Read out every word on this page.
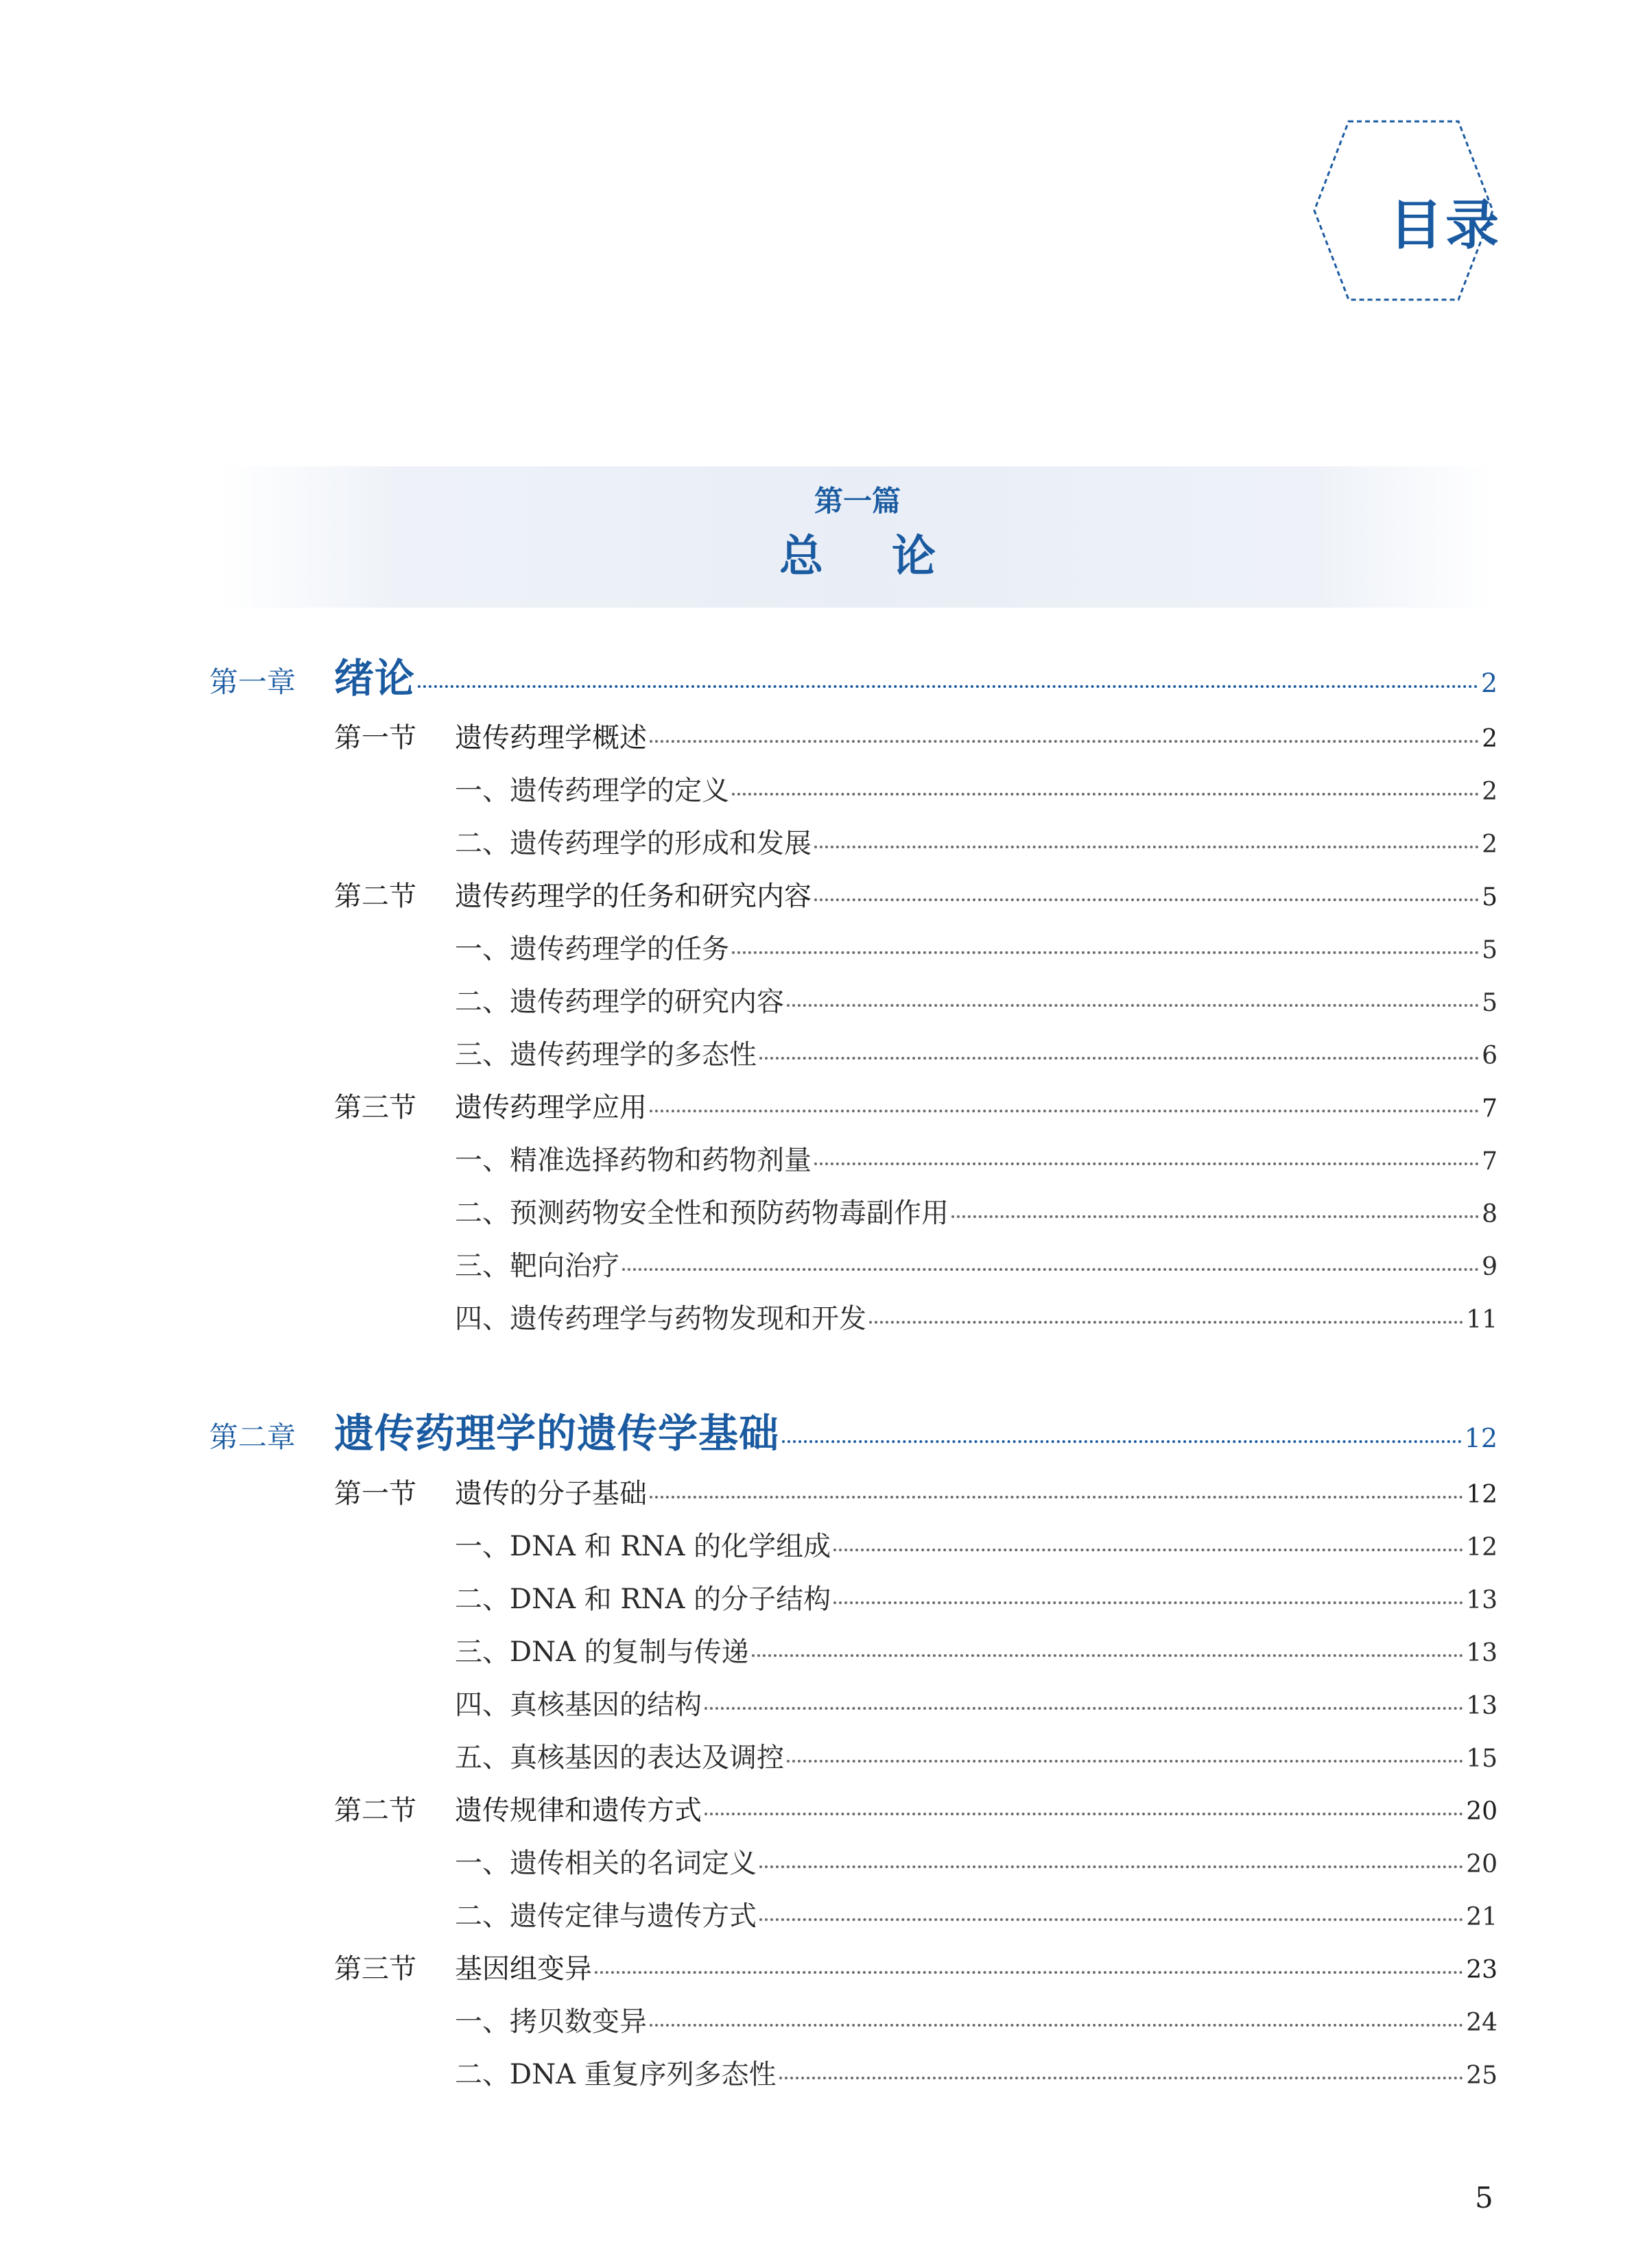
目录
第一篇
总论
第一章 绪论	2
第一节	遗传药理学概述	2
一、遗传药理学的定义	2
二、遗传药理学的形成和发展	2
第二节	遗传药理学的任务和研究内容	5
一、遗传药理学的任务	5
二、遗传药理学的研究内容	5
三、遗传药理学的多态性	6
第三节	遗传药理学应用	7
一、精准选择药物和药物剂量	7
二、预测药物安全性和预防药物毒副作用	8
三、靶向治疗	9
四、遗传药理学与药物发现和开发	11
第二章 遗传药理学的遗传学基础	12
第一节	遗传的分子基础	12
一、DNA 和 RNA 的化学组成	12
二、DNA 和 RNA 的分子结构	13
三、DNA 的复制与传递	13
四、真核基因的结构	13
五、真核基因的表达及调控	15
第二节	遗传规律和遗传方式	20
一、遗传相关的名词定义	20
二、遗传定律与遗传方式	21
第三节	基因组变异	23
一、拷贝数变异	24
二、DNA 重复序列多态性	25
5
